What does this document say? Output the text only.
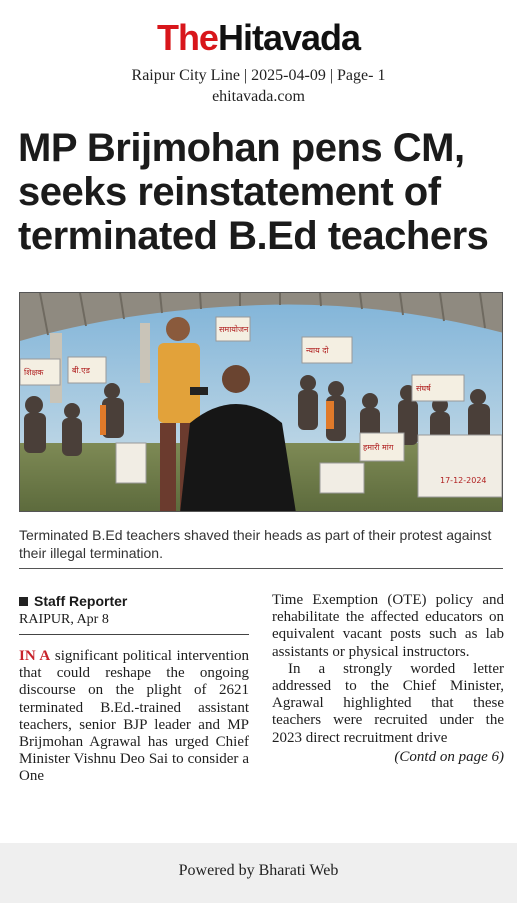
TheHitavada
Raipur City Line | 2025-04-09 | Page- 1
ehitavada.com
MP Brijmohan pens CM,
seeks reinstatement of
terminated B.Ed teachers
शिक्षक	बी.एड
समायोजन
न्याय दो
संघर्ष
हमारी मांग
17-12-2024
Terminated B.Ed teachers shaved their heads as part of their protest against their illegal termination.
Staff Reporter
RAIPUR, Apr 8

IN A significant political intervention that could reshape the ongoing discourse on the plight of 2621 terminated B.Ed.-trained assistant teachers, senior BJP leader and MP Brijmohan Agrawal has urged Chief Minister Vishnu Deo Sai to consider a One

Time Exemption (OTE) policy and rehabilitate the affected educators on equivalent vacant posts such as lab assistants or physical instructors.

In a strongly worded letter addressed to the Chief Minister, Agrawal highlighted that these teachers were recruited under the 2023 direct recruitment drive

(Contd on page 6)
Powered by Bharati Web
